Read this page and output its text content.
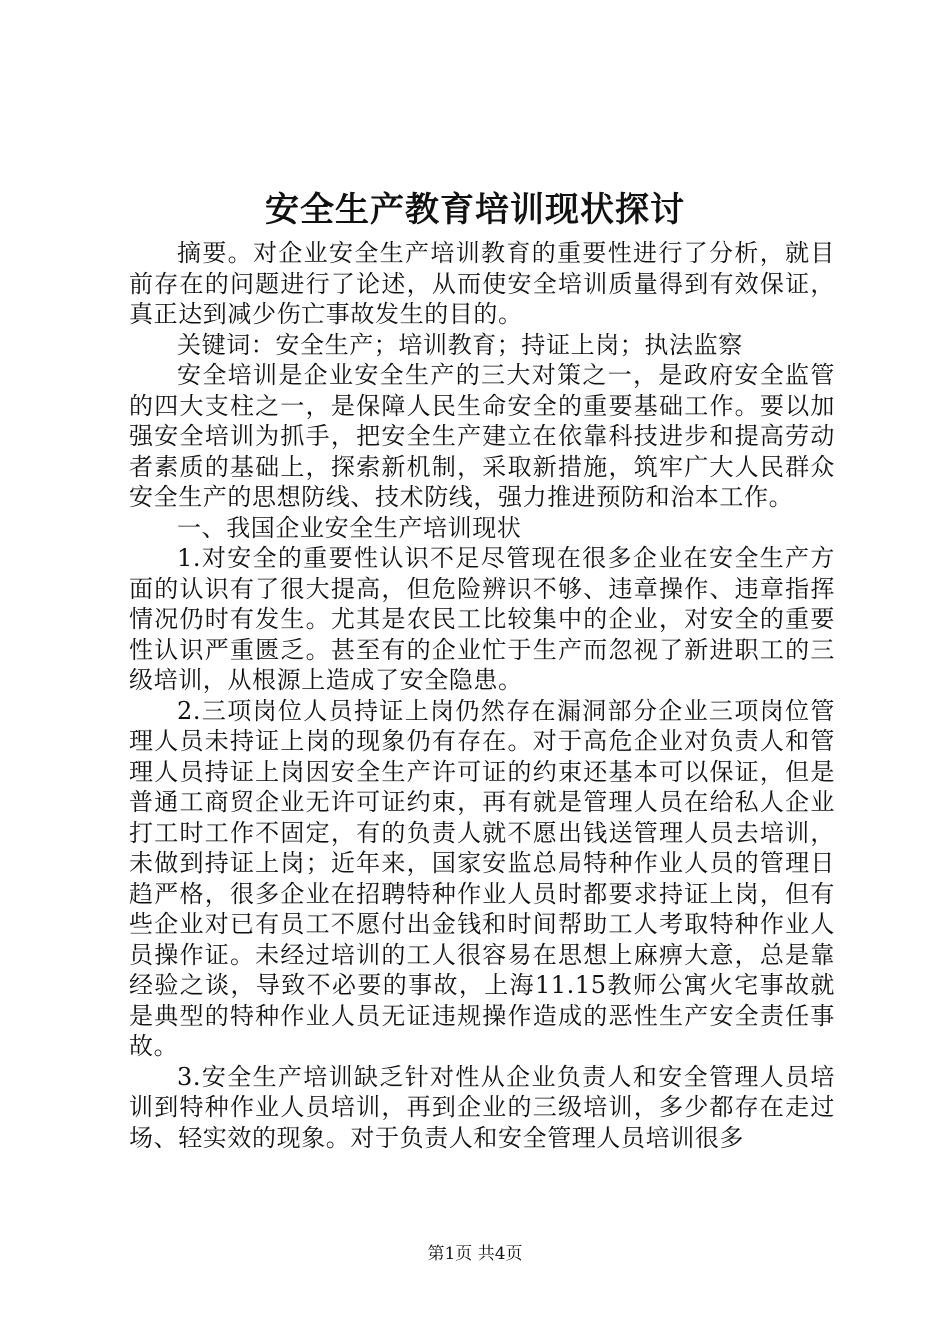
安全生产教育培训现状探讨

摘要。对企业安全生产培训教育的重要性进行了分析，就目前存在的问题进行了论述，从而使安全培训质量得到有效保证，真正达到减少伤亡事故发生的目的。

关键词：安全生产；培训教育；持证上岗；执法监察

安全培训是企业安全生产的三大对策之一，是政府安全监管的四大支柱之一，是保障人民生命安全的重要基础工作。要以加强安全培训为抓手，把安全生产建立在依靠科技进步和提高劳动者素质的基础上，探索新机制，采取新措施，筑牢广大人民群众安全生产的思想防线、技术防线，强力推进预防和治本工作。

一、我国企业安全生产培训现状

1.对安全的重要性认识不足尽管现在很多企业在安全生产方面的认识有了很大提高，但危险辨识不够、违章操作、违章指挥情况仍时有发生。尤其是农民工比较集中的企业，对安全的重要性认识严重匮乏。甚至有的企业忙于生产而忽视了新进职工的三级培训，从根源上造成了安全隐患。

2.三项岗位人员持证上岗仍然存在漏洞部分企业三项岗位管理人员未持证上岗的现象仍有存在。对于高危企业对负责人和管理人员持证上岗因安全生产许可证的约束还基本可以保证，但是普通工商贸企业无许可证约束，再有就是管理人员在给私人企业打工时工作不固定，有的负责人就不愿出钱送管理人员去培训，未做到持证上岗；近年来，国家安监总局特种作业人员的管理日趋严格，很多企业在招聘特种作业人员时都要求持证上岗，但有些企业对已有员工不愿付出金钱和时间帮助工人考取特种作业人员操作证。未经过培训的工人很容易在思想上麻痹大意，总是靠经验之谈，导致不必要的事故，上海11.15教师公寓火宅事故就是典型的特种作业人员无证违规操作造成的恶性生产安全责任事故。

3.安全生产培训缺乏针对性从企业负责人和安全管理人员培训到特种作业人员培训，再到企业的三级培训，多少都存在走过场、轻实效的现象。对于负责人和安全管理人员培训很多

第1页 共4页
